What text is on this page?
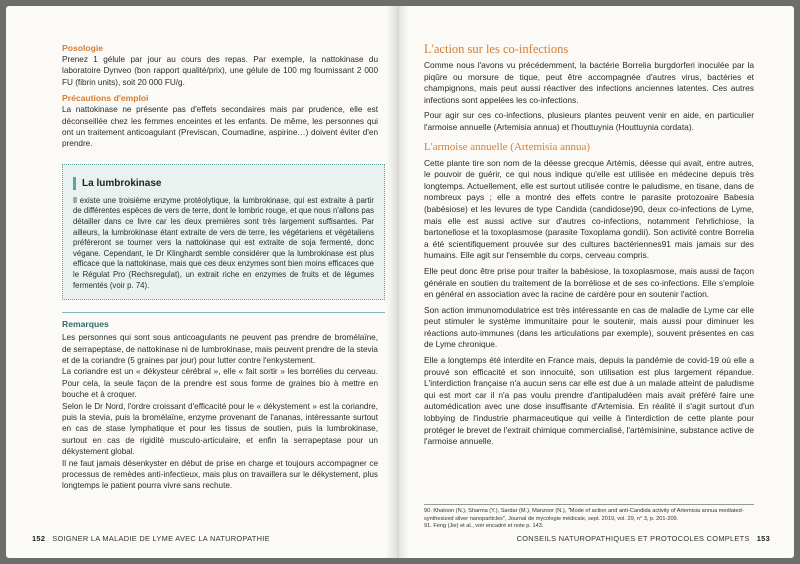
Posologie

Prenez 1 gélule par jour au cours des repas. Par exemple, la nattokinase du laboratoire Dynveo (bon rapport qualité/prix), une gélule de 100 mg fournissant 2 000 FU (fibrin units), soit 20 000 FU/g.

Précautions d'emploi

La nattokinase ne présente pas d'effets secondaires mais par prudence, elle est déconseillée chez les femmes enceintes et les enfants. De même, les personnes qui ont un traitement anticoagulant (Previscan, Coumadine, aspirine…) doivent éviter d'en prendre.

La lumbrokinase

Il existe une troisième enzyme protéolytique, la lumbrokinase, qui est extraite à partir de différentes espèces de vers de terre, dont le lombric rouge, et que nous n'allons pas détailler dans ce livre car les deux premières sont très largement suffisantes. Par ailleurs, la lumbrokinase étant extraite de vers de terre, les végétariens et végétaliens préféreront se tourner vers la nattokinase qui est extraite de soja fermenté, donc végane. Cependant, le Dr Klinghardt semble considérer que la lumbrokinase est plus efficace que la nattokinase, mais que ces deux enzymes sont bien moins efficaces que le Régulat Pro (Rechsregulat), un extrait riche en enzymes de fruits et de légumes fermentés (voir p. 74).

Remarques

Les personnes qui sont sous anticoagulants ne peuvent pas prendre de bromélaïne, de serrapeptase, de nattokinase ni de lumbrokinase, mais peuvent prendre de la stevia et de la coriandre (5 graines par jour) pour lutter contre l'enkystement.

La coriandre est un « dékysteur cérébral », elle « fait sortir » les borrélies du cerveau. Pour cela, la seule façon de la prendre est sous forme de graines bio à mettre en bouche et à croquer.

Selon le Dr Nord, l'ordre croissant d'efficacité pour le « dékystement » est la coriandre, puis la stevia, puis la bromélaïne, enzyme provenant de l'ananas, intéressante surtout en cas de stase lymphatique et pour les tissus de soutien, puis la lumbrokinase, surtout en cas de rigidité musculo-articulaire, et enfin la serrapeptase pour un dékystement global.

Il ne faut jamais désenkyster en début de prise en charge et toujours accompagner ce processus de remèdes anti-infectieux, mais plus on travaillera sur le dékystement, plus longtemps le patient pourra vivre sans rechute.

152 SOIGNER LA MALADIE DE LYME AVEC LA NATUROPATHIE

L'action sur les co-infections

Comme nous l'avons vu précédemment, la bactérie Borrelia burgdorferi inoculée par la piqûre ou morsure de tique, peut être accompagnée d'autres virus, bactéries et champignons, mais peut aussi réactiver des infections anciennes latentes. Ces autres infections sont appelées les co-infections.

Pour agir sur ces co-infections, plusieurs plantes peuvent venir en aide, en particulier l'armoise annuelle (Artemisia annua) et l'houttuynia (Houttuynia cordata).

L'armoise annuelle (Artemisia annua)

Cette plante tire son nom de la déesse grecque Artémis, déesse qui avait, entre autres, le pouvoir de guérir, ce qui nous indique qu'elle est utilisée en médecine depuis très longtemps. Actuellement, elle est surtout utilisée contre le paludisme, en tisane, dans de nombreux pays ; elle a montré des effets contre le parasite protozoaire Babesia (babésiose) et les levures de type Candida (candidose)90, deux co-infections de Lyme, mais elle est aussi active sur d'autres co-infections, notamment l'ehrlichiose, la bartonellose et la toxoplasmose (parasite Toxoplama gondii). Son activité contre Borrelia a été scientifiquement prouvée sur des cultures bactériennes91 mais jamais sur des humains. Elle agit sur l'ensemble du corps, cerveau compris.

Elle peut donc être prise pour traiter la babésiose, la toxoplasmose, mais aussi de façon générale en soutien du traitement de la borréliose et de ses co-infections. Elle s'emploie en général en association avec la racine de cardère pour en soutenir l'action.

Son action immunomodulatrice est très intéressante en cas de maladie de Lyme car elle peut stimuler le système immunitaire pour le soutenir, mais aussi pour diminuer les réactions auto-immunes (dans les articulations par exemple), souvent présentes en cas de Lyme chronique.

Elle a longtemps été interdite en France mais, depuis la pandémie de covid-19 où elle a prouvé son efficacité et son innocuité, son utilisation est plus largement répandue. L'interdiction française n'a aucun sens car elle est due à un malade atteint de paludisme qui est mort car il n'a pas voulu prendre d'antipaludéen mais avait préféré faire une automédication avec une dose insuffisante d'Artemisia. En réalité il s'agit surtout d'un lobbying de l'industrie pharmaceutique qui veille à l'interdiction de cette plante pour protéger le brevet de l'extrait chimique commercialisé, l'artémisinine, substance active de l'armoise annuelle.

90. Khatoon (N.), Sharma (Y.), Sardar (M.), Manzoor (N.), "Mode of action and anti-Candida activity of Artemisia annua mediated-synthesized silver nanoparticles", Journal de mycologie médicale, sept. 2019, vol. 29, n° 3, p. 201-209.

91. Feng (Jie) et al., voir encadré et note p. 143.

CONSEILS NATUROPATHIQUES ET PROTOCOLES COMPLETS 153
